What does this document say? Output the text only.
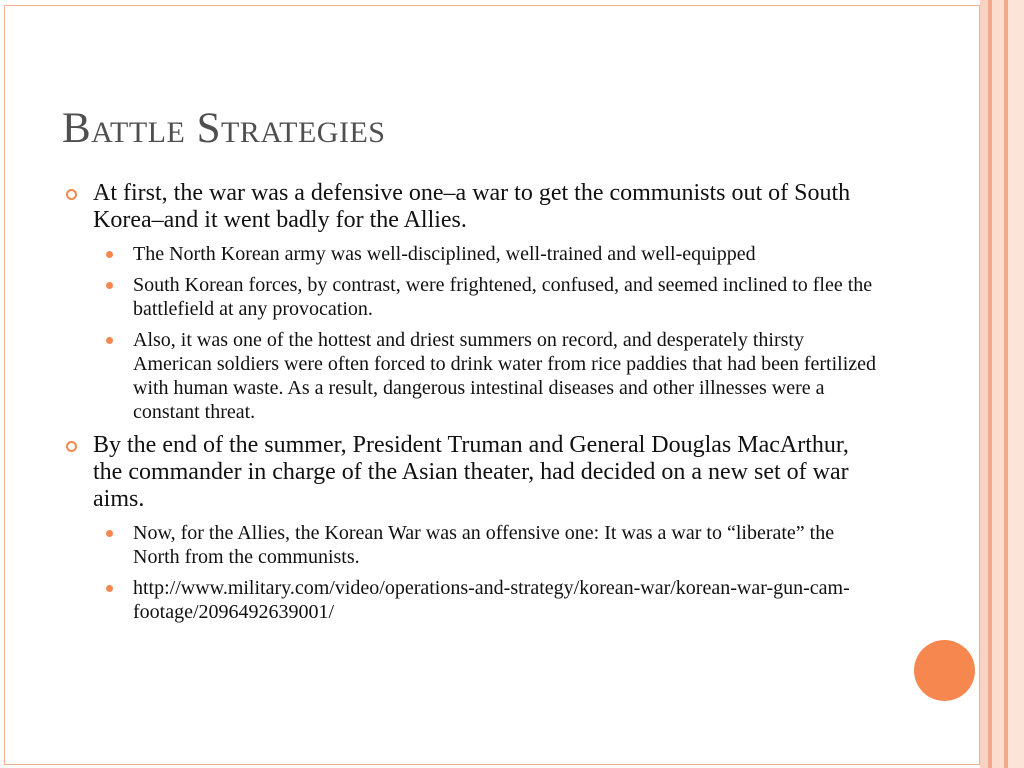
Battle Strategies
At first, the war was a defensive one–a war to get the communists out of South Korea–and it went badly for the Allies.
The North Korean army was well-disciplined, well-trained and well-equipped
South Korean forces, by contrast, were frightened, confused, and seemed inclined to flee the battlefield at any provocation.
Also, it was one of the hottest and driest summers on record, and desperately thirsty American soldiers were often forced to drink water from rice paddies that had been fertilized with human waste. As a result, dangerous intestinal diseases and other illnesses were a constant threat.
By the end of the summer, President Truman and General Douglas MacArthur, the commander in charge of the Asian theater, had decided on a new set of war aims.
Now, for the Allies, the Korean War was an offensive one: It was a war to “liberate” the North from the communists.
http://www.military.com/video/operations-and-strategy/korean-war/korean-war-gun-cam-footage/2096492639001/
